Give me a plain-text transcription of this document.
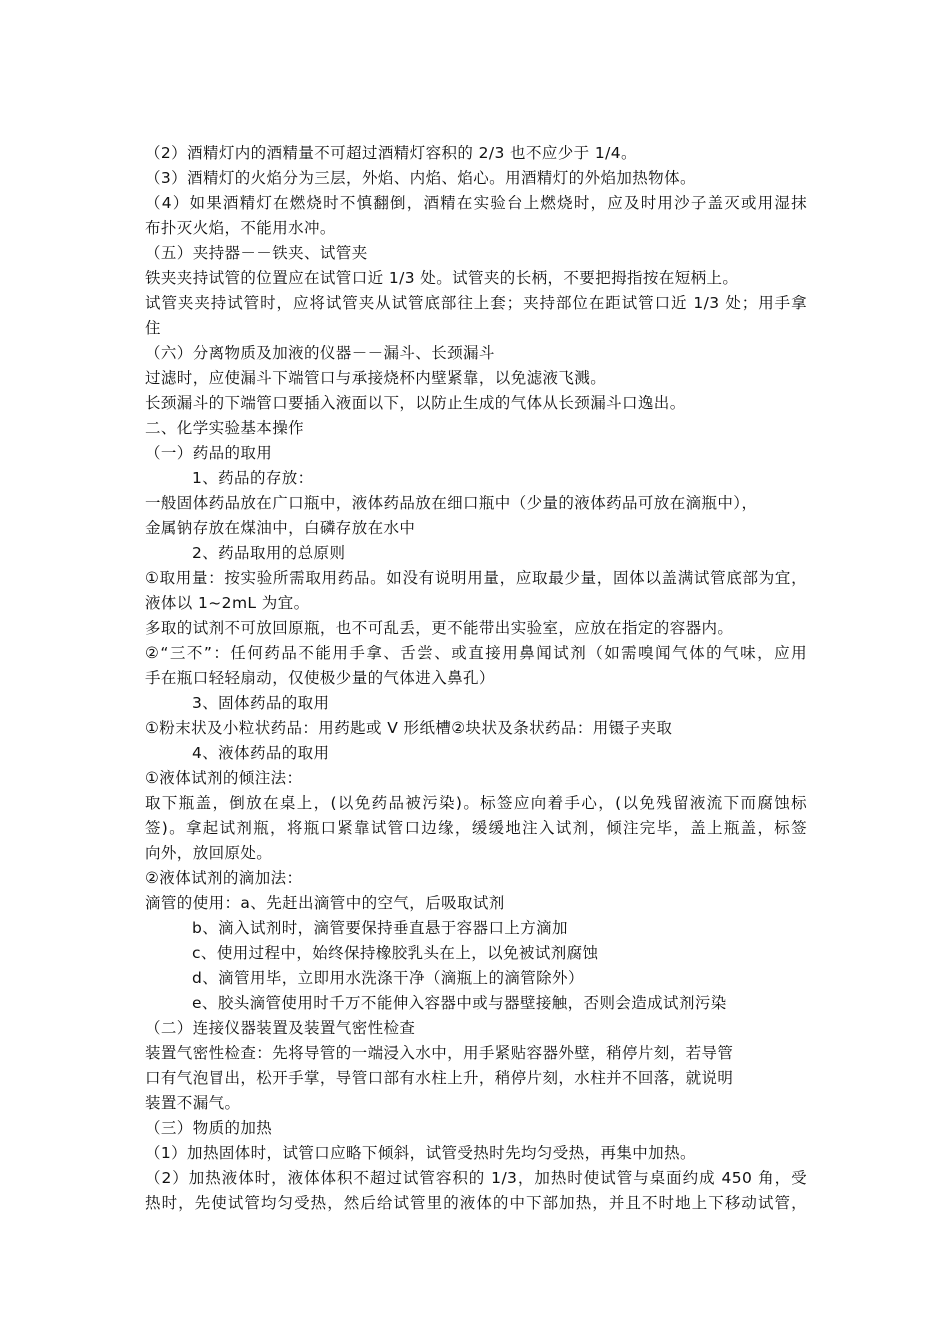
（2）酒精灯内的酒精量不可超过酒精灯容积的 2/3 也不应少于 1/4。
（3）酒精灯的火焰分为三层，外焰、内焰、焰心。用酒精灯的外焰加热物体。
（4）如果酒精灯在燃烧时不慎翻倒，酒精在实验台上燃烧时，应及时用沙子盖灭或用湿抹
布扑灭火焰，不能用水冲。
（五）夹持器－－铁夹、试管夹
铁夹夹持试管的位置应在试管口近 1/3 处。试管夹的长柄，不要把拇指按在短柄上。
试管夹夹持试管时，应将试管夹从试管底部往上套；夹持部位在距试管口近 1/3 处；用手拿
住
（六）分离物质及加液的仪器－－漏斗、长颈漏斗
过滤时，应使漏斗下端管口与承接烧杯内壁紧靠，以免滤液飞溅。
长颈漏斗的下端管口要插入液面以下，以防止生成的气体从长颈漏斗口逸出。
二、化学实验基本操作
（一）药品的取用
1、药品的存放：
一般固体药品放在广口瓶中，液体药品放在细口瓶中（少量的液体药品可放在滴瓶中），
金属钠存放在煤油中，白磷存放在水中
2、药品取用的总原则
①取用量：按实验所需取用药品。如没有说明用量，应取最少量，固体以盖满试管底部为宜，
液体以 1~2mL 为宜。
多取的试剂不可放回原瓶，也不可乱丢，更不能带出实验室，应放在指定的容器内。
②“三不”：任何药品不能用手拿、舌尝、或直接用鼻闻试剂（如需嗅闻气体的气味，应用
手在瓶口轻轻扇动，仅使极少量的气体进入鼻孔）
3、固体药品的取用
①粉末状及小粒状药品：用药匙或 V 形纸槽②块状及条状药品：用镊子夹取
4、液体药品的取用
①液体试剂的倾注法：
取下瓶盖，倒放在桌上，(以免药品被污染)。标签应向着手心，(以免残留液流下而腐蚀标
签)。拿起试剂瓶，将瓶口紧靠试管口边缘，缓缓地注入试剂，倾注完毕，盖上瓶盖，标签
向外，放回原处。
②液体试剂的滴加法：
滴管的使用：a、先赶出滴管中的空气，后吸取试剂
b、滴入试剂时，滴管要保持垂直悬于容器口上方滴加
c、使用过程中，始终保持橡胶乳头在上，以免被试剂腐蚀
d、滴管用毕，立即用水洗涤干净（滴瓶上的滴管除外）
e、胶头滴管使用时千万不能伸入容器中或与器壁接触，否则会造成试剂污染
（二）连接仪器装置及装置气密性检查
装置气密性检查：先将导管的一端浸入水中，用手紧贴容器外壁，稍停片刻，若导管
口有气泡冒出，松开手掌，导管口部有水柱上升，稍停片刻，水柱并不回落，就说明
装置不漏气。
（三）物质的加热
（1）加热固体时，试管口应略下倾斜，试管受热时先均匀受热，再集中加热。
（2）加热液体时，液体体积不超过试管容积的 1/3，加热时使试管与桌面约成 450 角，受
热时，先使试管均匀受热，然后给试管里的液体的中下部加热，并且不时地上下移动试管，
